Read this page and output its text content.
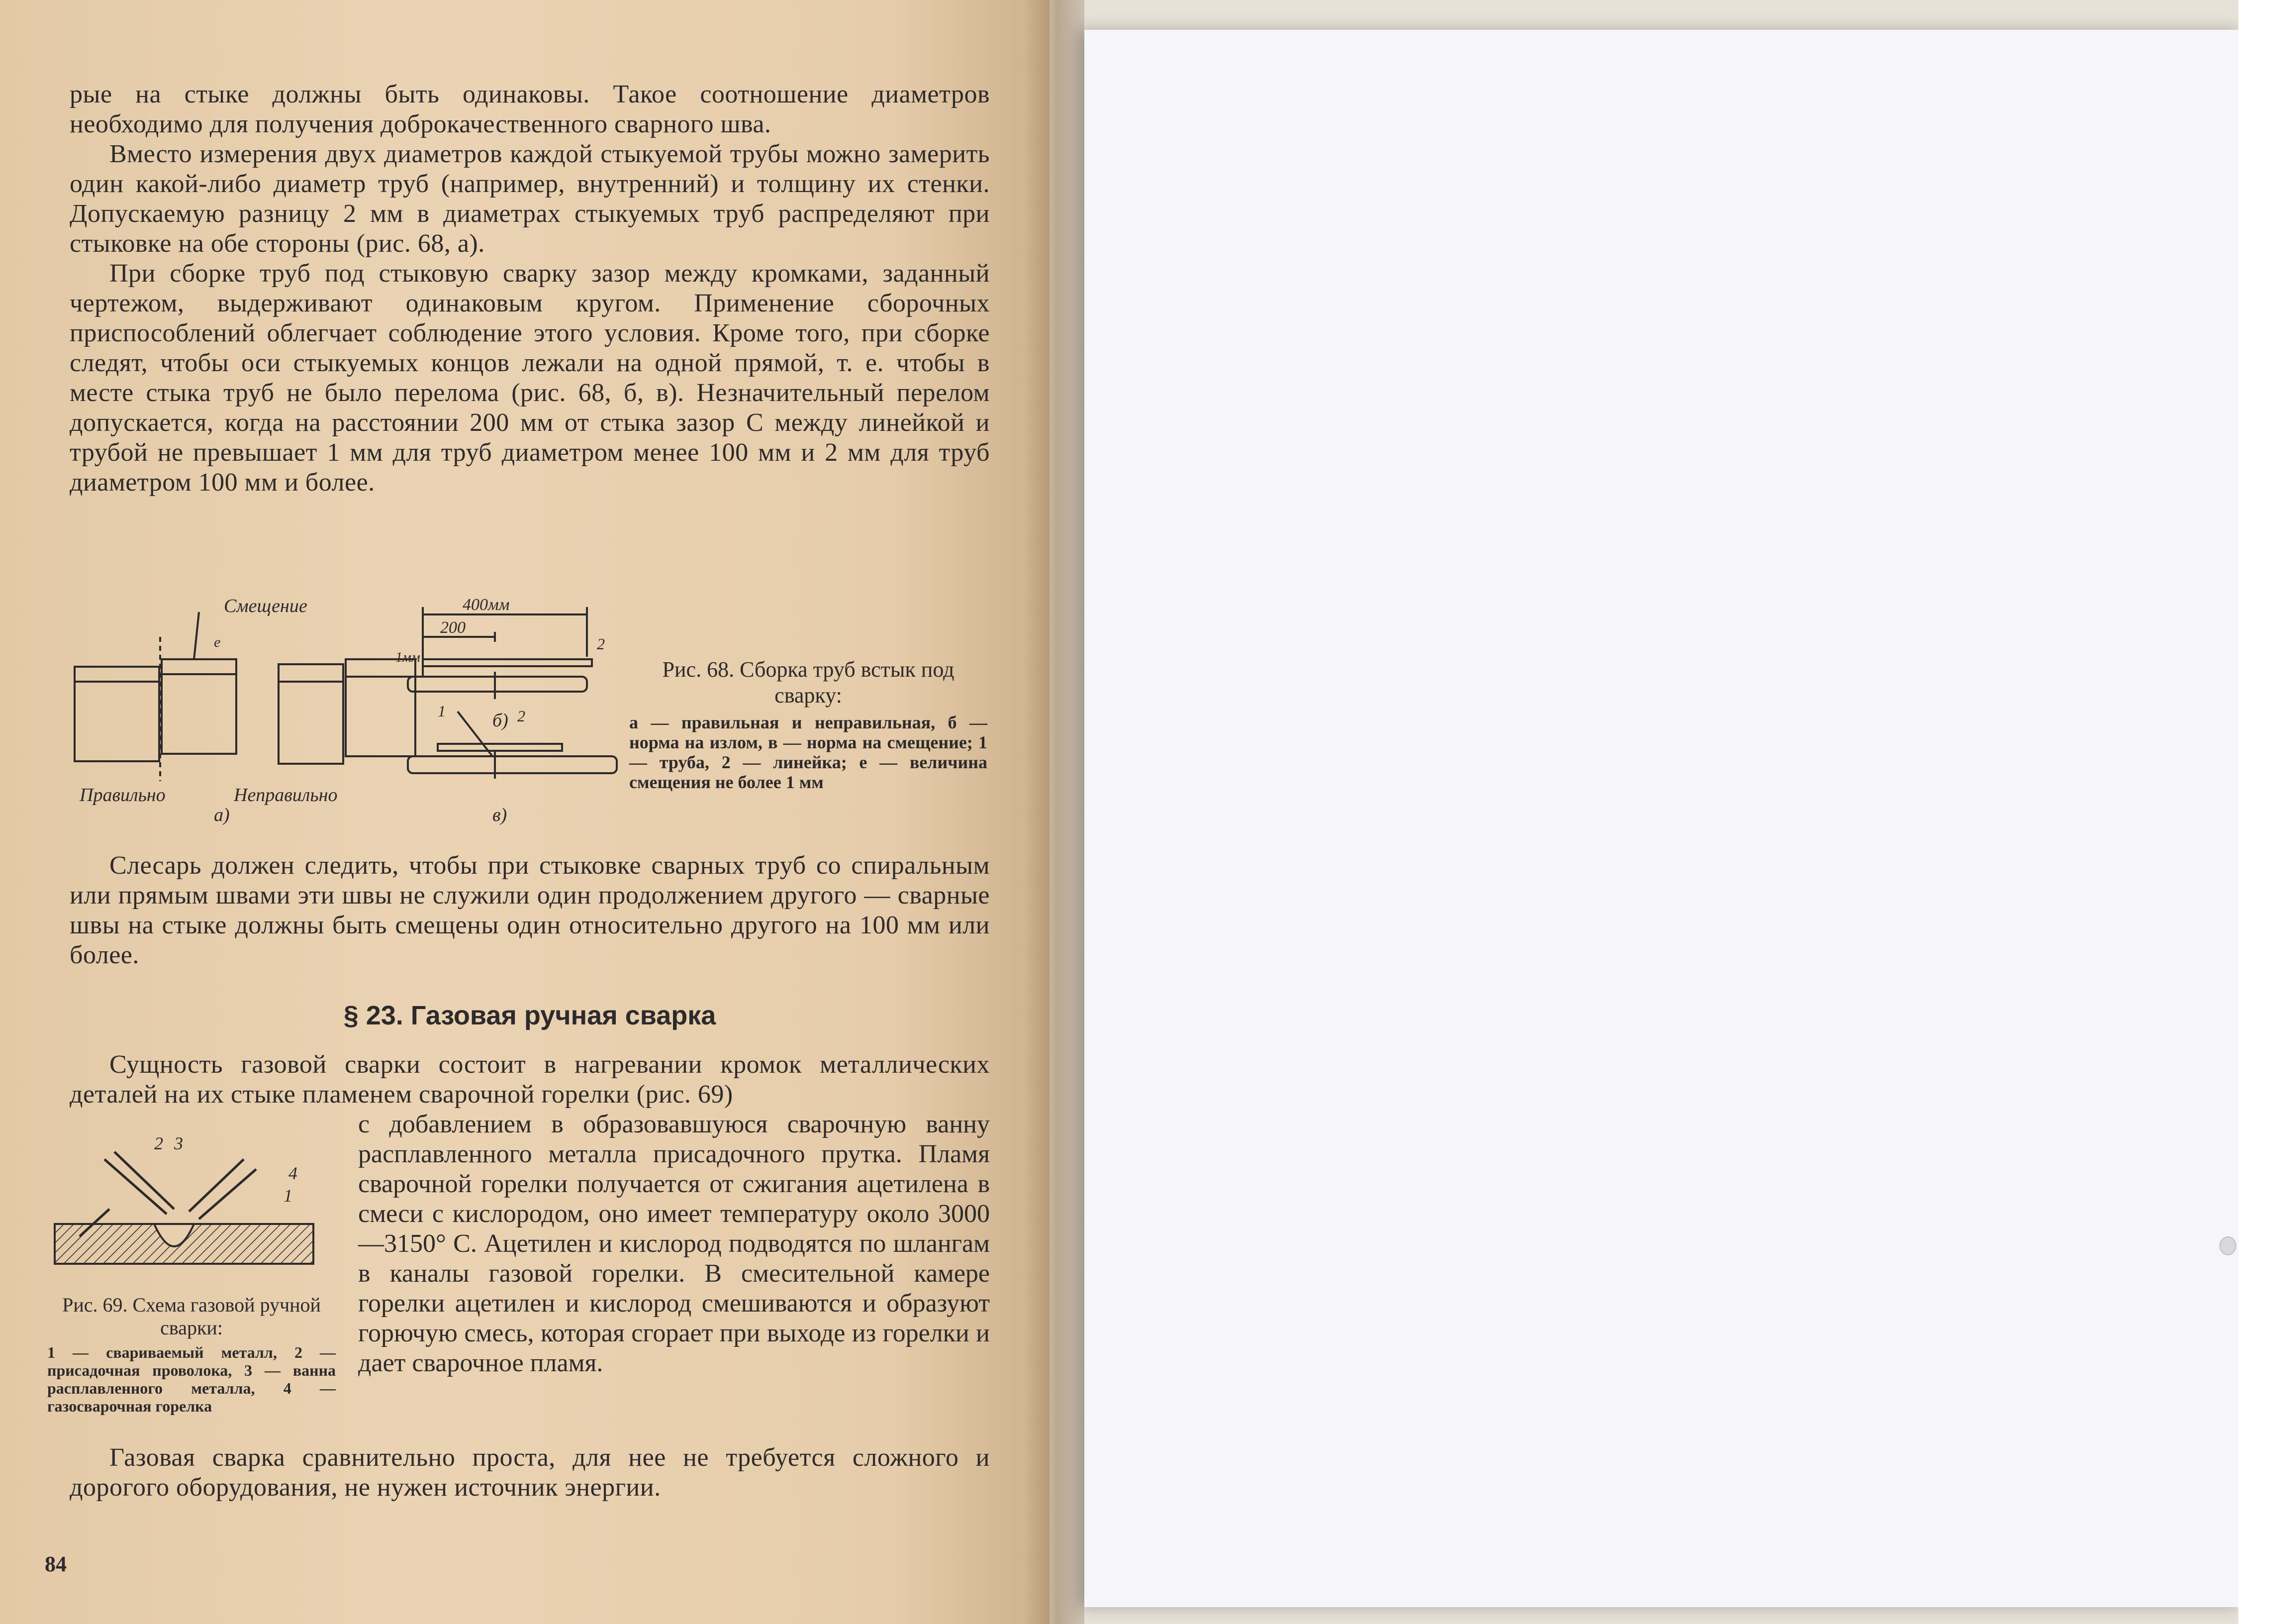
рые на стыке должны быть одинаковы. Такое соотношение диаметров необходимо для получения доброкачественного сварного шва.

Вместо измерения двух диаметров каждой стыкуемой трубы можно замерить один какой-либо диаметр труб (например, внутренний) и толщину их стенки. Допускаемую разницу 2 мм в диаметрах стыкуемых труб распределяют при стыковке на обе стороны (рис. 68, а).

При сборке труб под стыковую сварку зазор между кромками, заданный чертежом, выдерживают одинаковым кругом. Применение сборочных приспособлений облегчает соблюдение этого условия. Кроме того, при сборке следят, чтобы оси стыкуемых концов лежали на одной прямой, т. е. чтобы в месте стыка труб не было перелома (рис. 68, б, в). Незначительный перелом допускается, когда на расстоянии 200 мм от стыка зазор С между линейкой и трубой не превышает 1 мм для труб диаметром менее 100 мм и 2 мм для труб диаметром 100 мм и более.

Смещение
Правильно	Неправильно
а)
б)
в)
400мм
200
1мм
е
1
2
2
Рис. 68. Сборка труб встык под сварку:
а — правильная и неправильная, б — норма на излом, в — норма на смещение; 1 — труба, 2 — линейка; е — величина смещения не более 1 мм

Слесарь должен следить, чтобы при стыковке сварных труб со спиральным или прямым швами эти швы не служили один продолжением другого — сварные швы на стыке должны быть смещены один относительно другого на 100 мм или более.

§ 23. Газовая ручная сварка

Сущность газовой сварки состоит в нагревании кромок металлических деталей на их стыке пламенем сварочной горелки (рис. 69)

2 3
4
1
Рис. 69. Схема газовой ручной сварки:
1 — свариваемый металл, 2 — присадочная проволока, 3 — ванна расплавленного металла, 4 — газосварочная горелка

с добавлением в образовавшуюся сварочную ванну расплавленного металла присадочного прутка. Пламя сварочной горелки получается от сжигания ацетилена в смеси с кислородом, оно имеет температуру около 3000—3150° С. Ацетилен и кислород подводятся по шлангам в каналы газовой горелки. В смесительной камере горелки ацетилен и кислород смешиваются и образуют горючую смесь, которая сгорает при выходе из горелки и дает сварочное пламя.

Газовая сварка сравнительно проста, для нее не требуется сложного и дорогого оборудования, не нужен источник энергии.

84
